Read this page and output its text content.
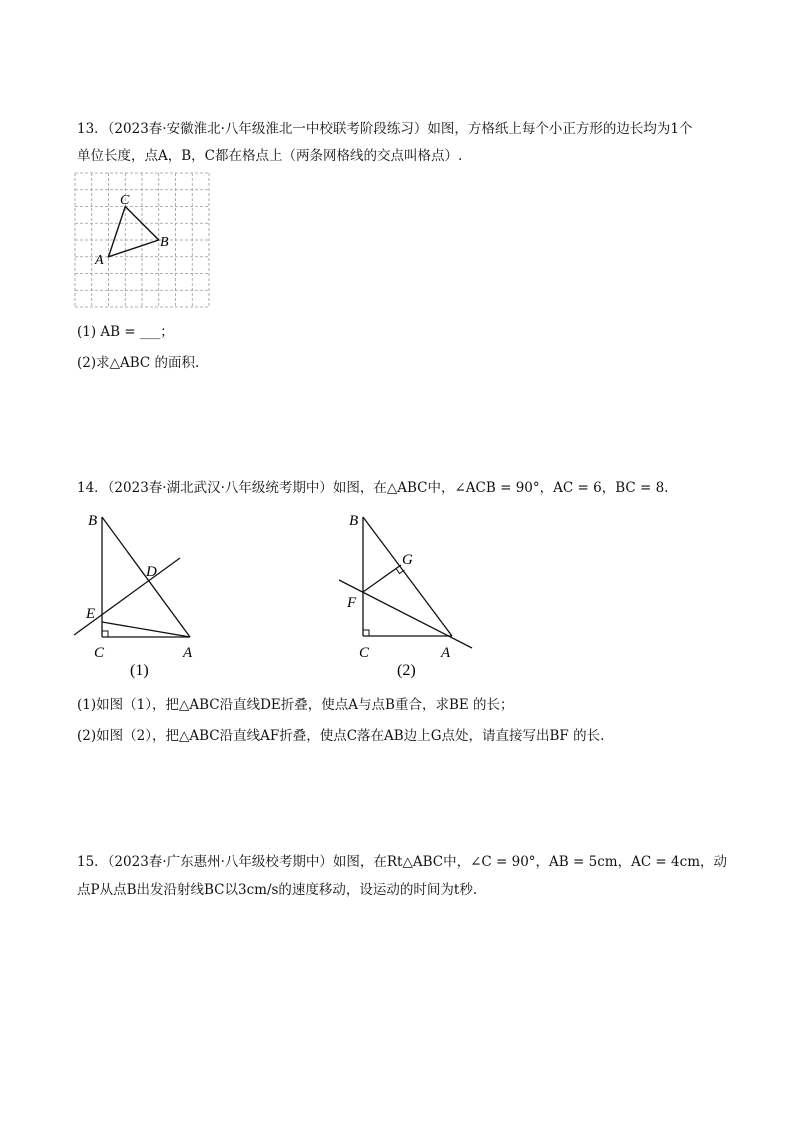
13．（2023春·安徽淮北·八年级淮北一中校联考阶段练习）如图，方格纸上每个小正方形的边长均为1个
单位长度，点A，B，C都在格点上（两条网格线的交点叫格点）.
C
B
A
(1) AB = ___；
(2)求△ABC 的面积.
14．（2023春·湖北武汉·八年级统考期中）如图，在△ABC中，∠ACB = 90°，AC = 6，BC = 8.
B
D
E
C	A
(1)
B
G
F
C	A
(2)
(1)如图（1），把△ABC沿直线DE折叠，使点A与点B重合，求BE 的长；
(2)如图（2），把△ABC沿直线AF折叠，使点C落在AB边上G点处，请直接写出BF 的长.
15．（2023春·广东惠州·八年级校考期中）如图，在Rt△ABC中，∠C = 90°，AB = 5cm，AC = 4cm，动
点P从点B出发沿射线BC以3cm/s的速度移动，设运动的时间为t秒.
